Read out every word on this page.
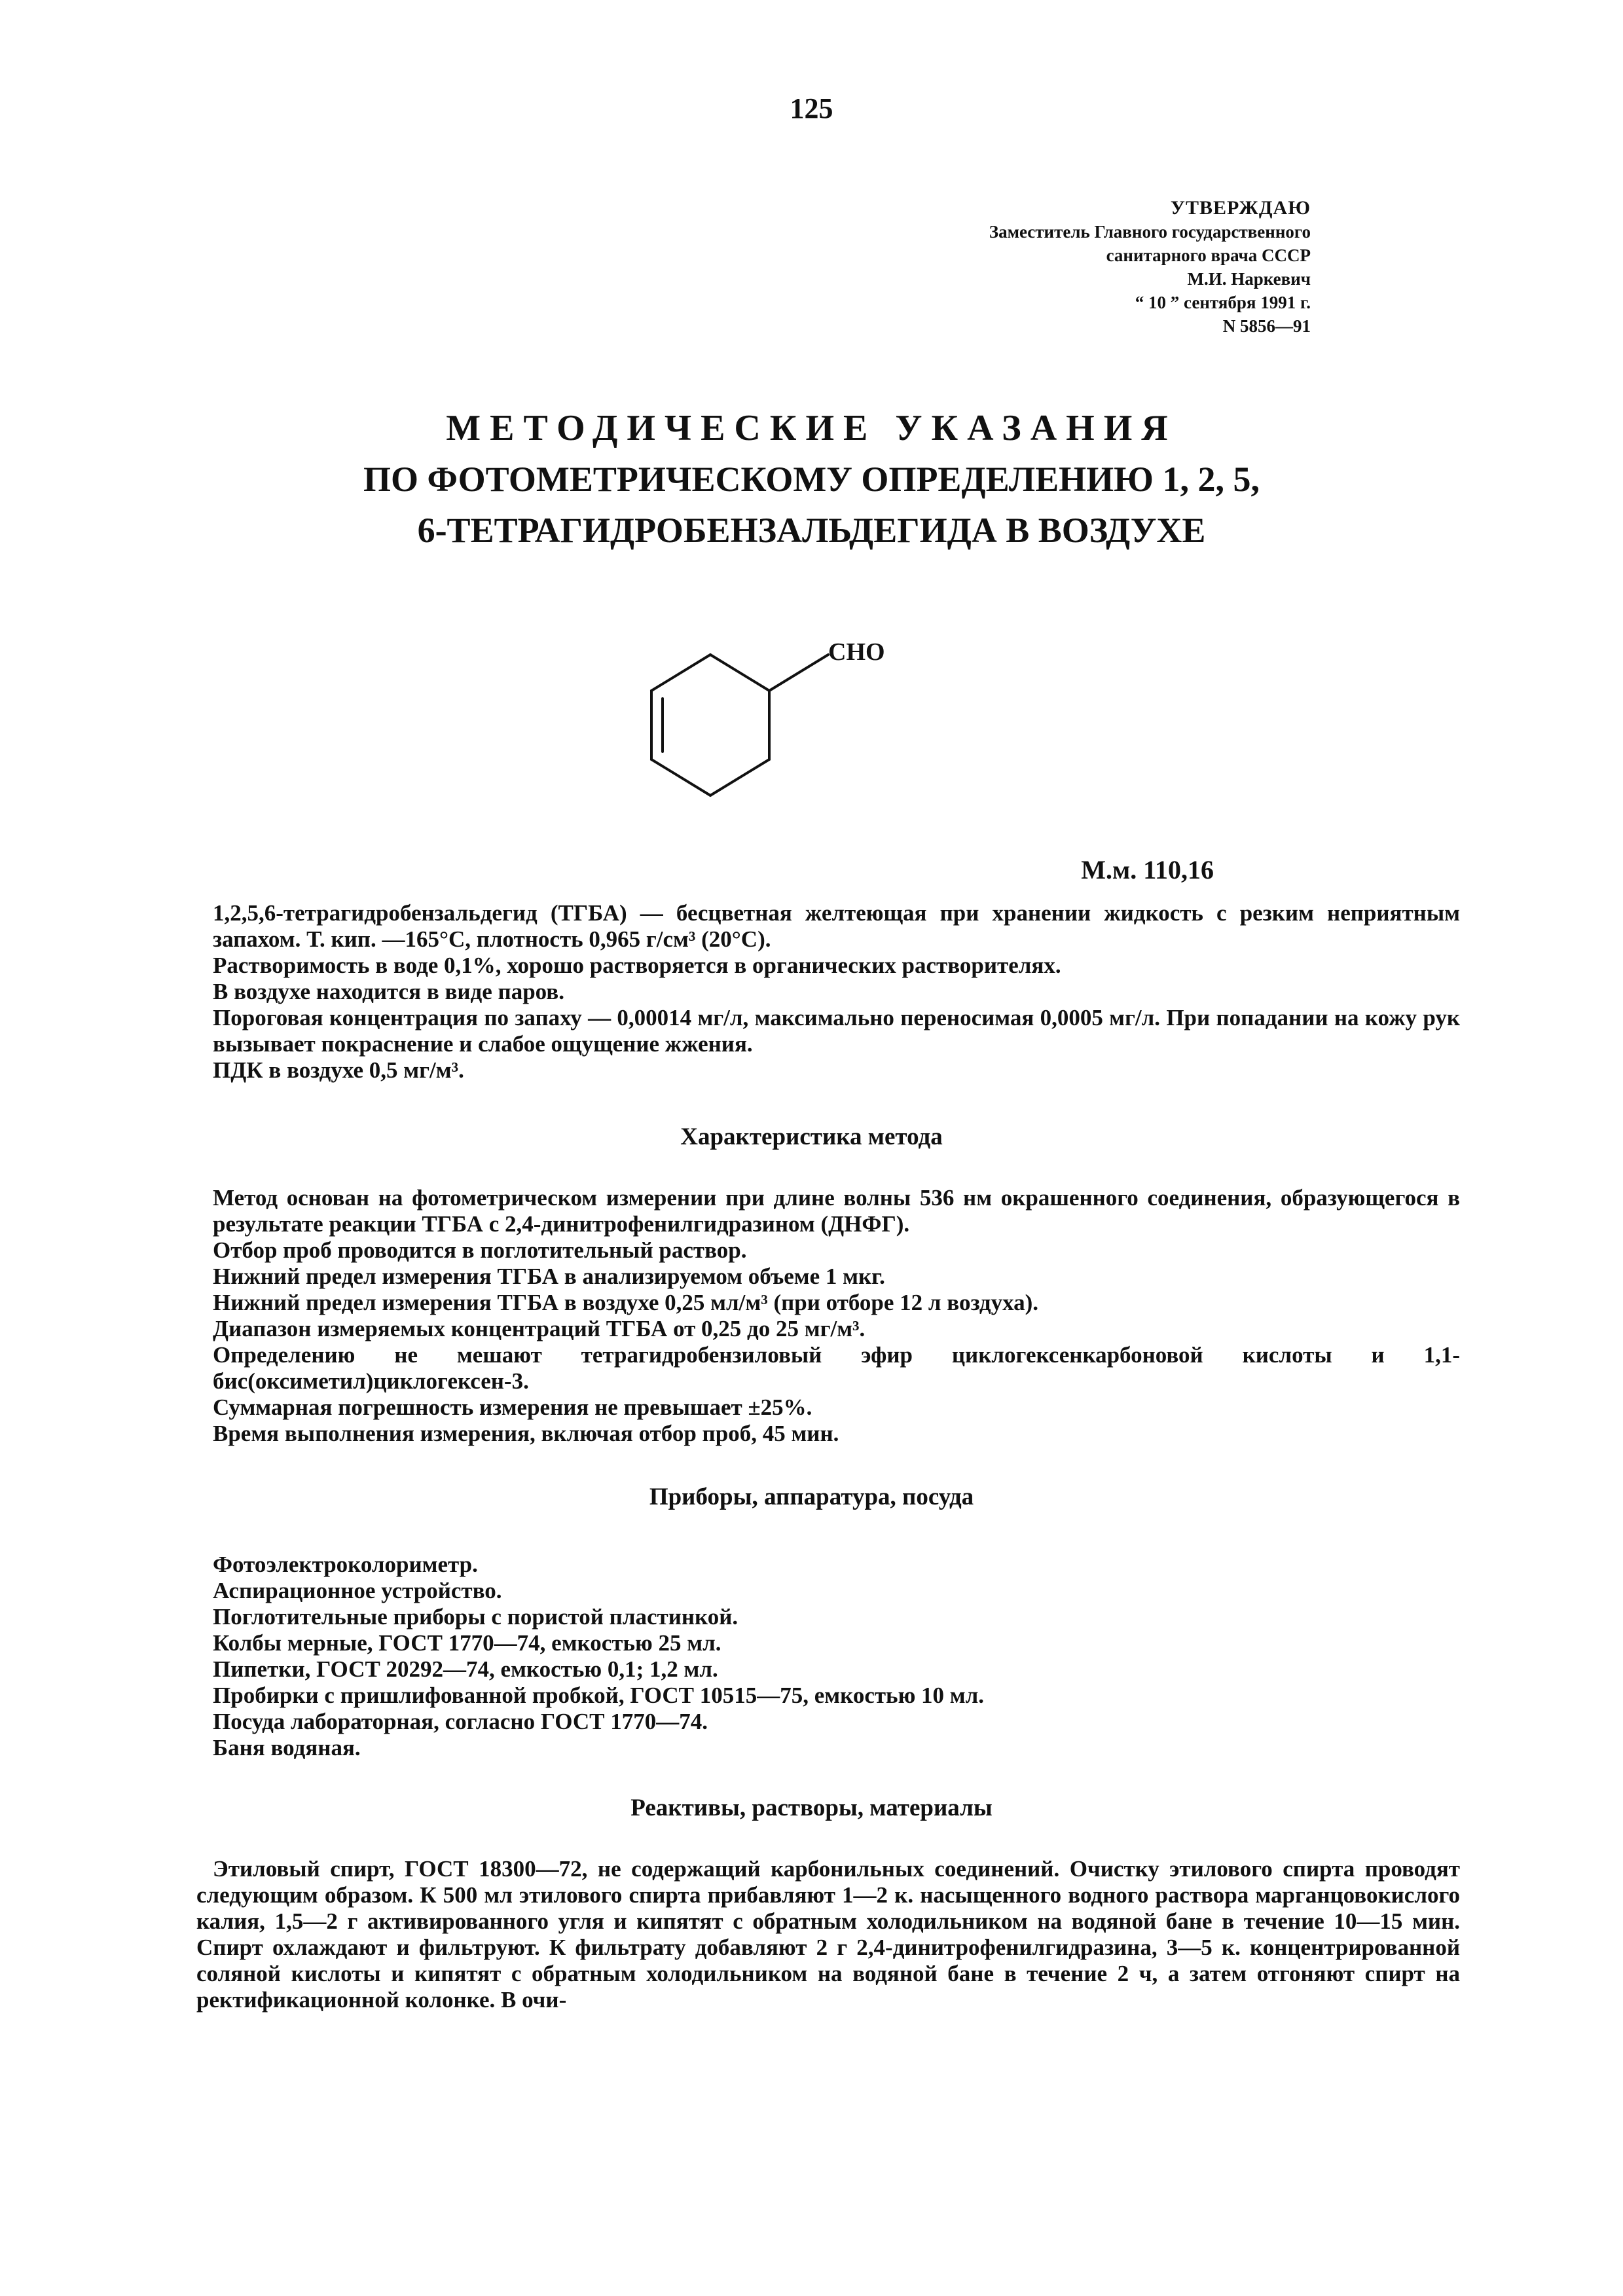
125
УТВЕРЖДАЮ
Заместитель Главного государственного
санитарного врача СССР
М.И. Наркевич
“ 10 ” сентября 1991 г.
N 5856—91
МЕТОДИЧЕСКИЕ УКАЗАНИЯ
ПО ФОТОМЕТРИЧЕСКОМУ ОПРЕДЕЛЕНИЮ 1, 2, 5,
6-ТЕТРАГИДРОБЕНЗАЛЬДЕГИДА В ВОЗДУХЕ
CHO
М.м. 110,16

1,2,5,6-тетрагидробензальдегид (ТГБА) — бесцветная желтеющая при хранении жидкость с резким неприятным запахом. Т. кип. —165°С, плотность 0,965 г/см³ (20°С).

Растворимость в воде 0,1%, хорошо растворяется в органических растворителях.

В воздухе находится в виде паров.

Пороговая концентрация по запаху — 0,00014 мг/л, максимально переносимая 0,0005 мг/л. При попадании на кожу рук вызывает покраснение и слабое ощущение жжения.

ПДК в воздухе 0,5 мг/м³.

Характеристика метода

Метод основан на фотометрическом измерении при длине волны 536 нм окрашенного соединения, образующегося в результате реакции ТГБА с 2,4-динитрофенилгидразином (ДНФГ).

Отбор проб проводится в поглотительный раствор.

Нижний предел измерения ТГБА в анализируемом объеме 1 мкг.

Нижний предел измерения ТГБА в воздухе 0,25 мл/м³ (при отборе 12 л воздуха).

Диапазон измеряемых концентраций ТГБА от 0,25 до 25 мг/м³.

Определению не мешают тетрагидробензиловый эфир циклогексенкарбоновой кислоты и 1,1-бис(оксиметил)циклогексен-3.

Суммарная погрешность измерения не превышает ±25%.

Время выполнения измерения, включая отбор проб, 45 мин.

Приборы, аппаратура, посуда
Фотоэлектроколориметр.
Аспирационное устройство.
Поглотительные приборы с пористой пластинкой.
Колбы мерные, ГОСТ 1770—74, емкостью 25 мл.
Пипетки, ГОСТ 20292—74, емкостью 0,1; 1,2 мл.
Пробирки с пришлифованной пробкой, ГОСТ 10515—75, емкостью 10 мл.
Посуда лабораторная, согласно ГОСТ 1770—74.
Баня водяная.
Реактивы, растворы, материалы

Этиловый спирт, ГОСТ 18300—72, не содержащий карбонильных соединений. Очистку этилового спирта проводят следующим образом. К 500 мл этилового спирта прибавляют 1—2 к. насыщенного водного раствора марганцовокислого калия, 1,5—2 г активированного угля и кипятят с обратным холодильником на водяной бане в течение 10—15 мин. Спирт охлаждают и фильтруют. К фильтрату добавляют 2 г 2,4-динитрофенилгидразина, 3—5 к. концентрированной соляной кислоты и кипятят с обратным холодильником на водяной бане в течение 2 ч, а затем отгоняют спирт на ректификационной колонке. В очи-
